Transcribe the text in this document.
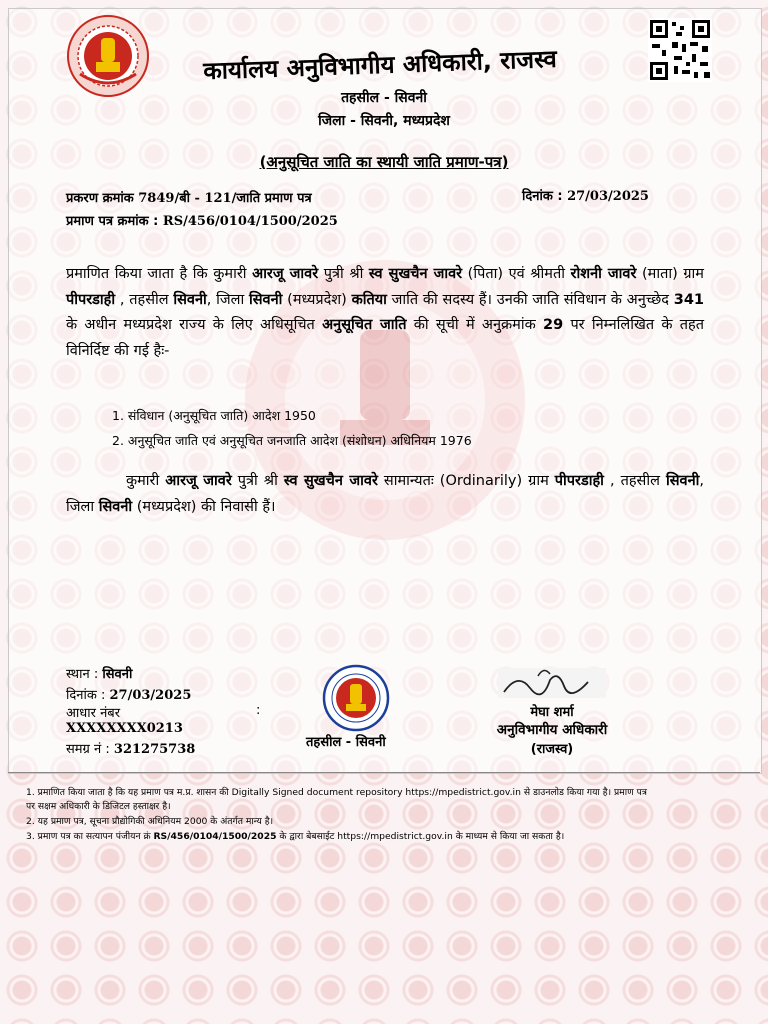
कार्यालय अनुविभागीय अधिकारी, राजस्व
तहसील - सिवनी
जिला - सिवनी, मध्यप्रदेश
(अनुसूचित जाति का स्थायी जाति प्रमाण-पत्र)
प्रकरण क्रमांक 7849/बी - 121/जाति प्रमाण पत्र
प्रमाण पत्र क्रमांक : RS/456/0104/1500/2025
दिनांक : 27/03/2025
प्रमाणित किया जाता है कि कुमारी आरजू जावरे पुत्री श्री स्व सुखचैन जावरे (पिता) एवं श्रीमती रोशनी जावरे (माता) ग्राम पीपरडाही , तहसील सिवनी, जिला सिवनी (मध्यप्रदेश) कतिया जाति की सदस्य हैं। उनकी जाति संविधान के अनुच्छेद 341 के अधीन मध्यप्रदेश राज्य के लिए अधिसूचित अनुसूचित जाति की सूची में अनुक्रमांक 29 पर निम्नलिखित के तहत विनिर्दिष्ट की गई हैः-
1. संविधान (अनुसूचित जाति) आदेश 1950
2. अनुसूचित जाति एवं अनुसूचित जनजाति आदेश (संशोधन) अधिनियम 1976
कुमारी आरजू जावरे पुत्री श्री स्व सुखचैन जावरे सामान्यतः (Ordinarily) ग्राम पीपरडाही , तहसील सिवनी, जिला सिवनी (मध्यप्रदेश) की निवासी हैं।
स्थान : सिवनी
दिनांक : 27/03/2025
आधार नंबर	:
XXXXXXXX0213
समग्र नं : 321275738	तहसील - सिवनी
मेघा शर्मा
अनुविभागीय अधिकारी
(राजस्व)
1. प्रमाणित किया जाता है कि यह प्रमाण पत्र म.प्र. शासन की Digitally Signed document repository https://mpedistrict.gov.in से डाउनलोड किया गया है। प्रमाण पत्र
पर सक्षम अधिकारी के डिजिटल हस्ताक्षर है।
2. यह प्रमाण पत्र, सूचना प्रौद्योगिकी अधिनियम 2000 के अंतर्गत मान्य है।
3. प्रमाण पत्र का सत्यापन पंजीयन क्रं RS/456/0104/1500/2025 के द्वारा बेबसाईट https://mpedistrict.gov.in के माध्यम से किया जा सकता है।
